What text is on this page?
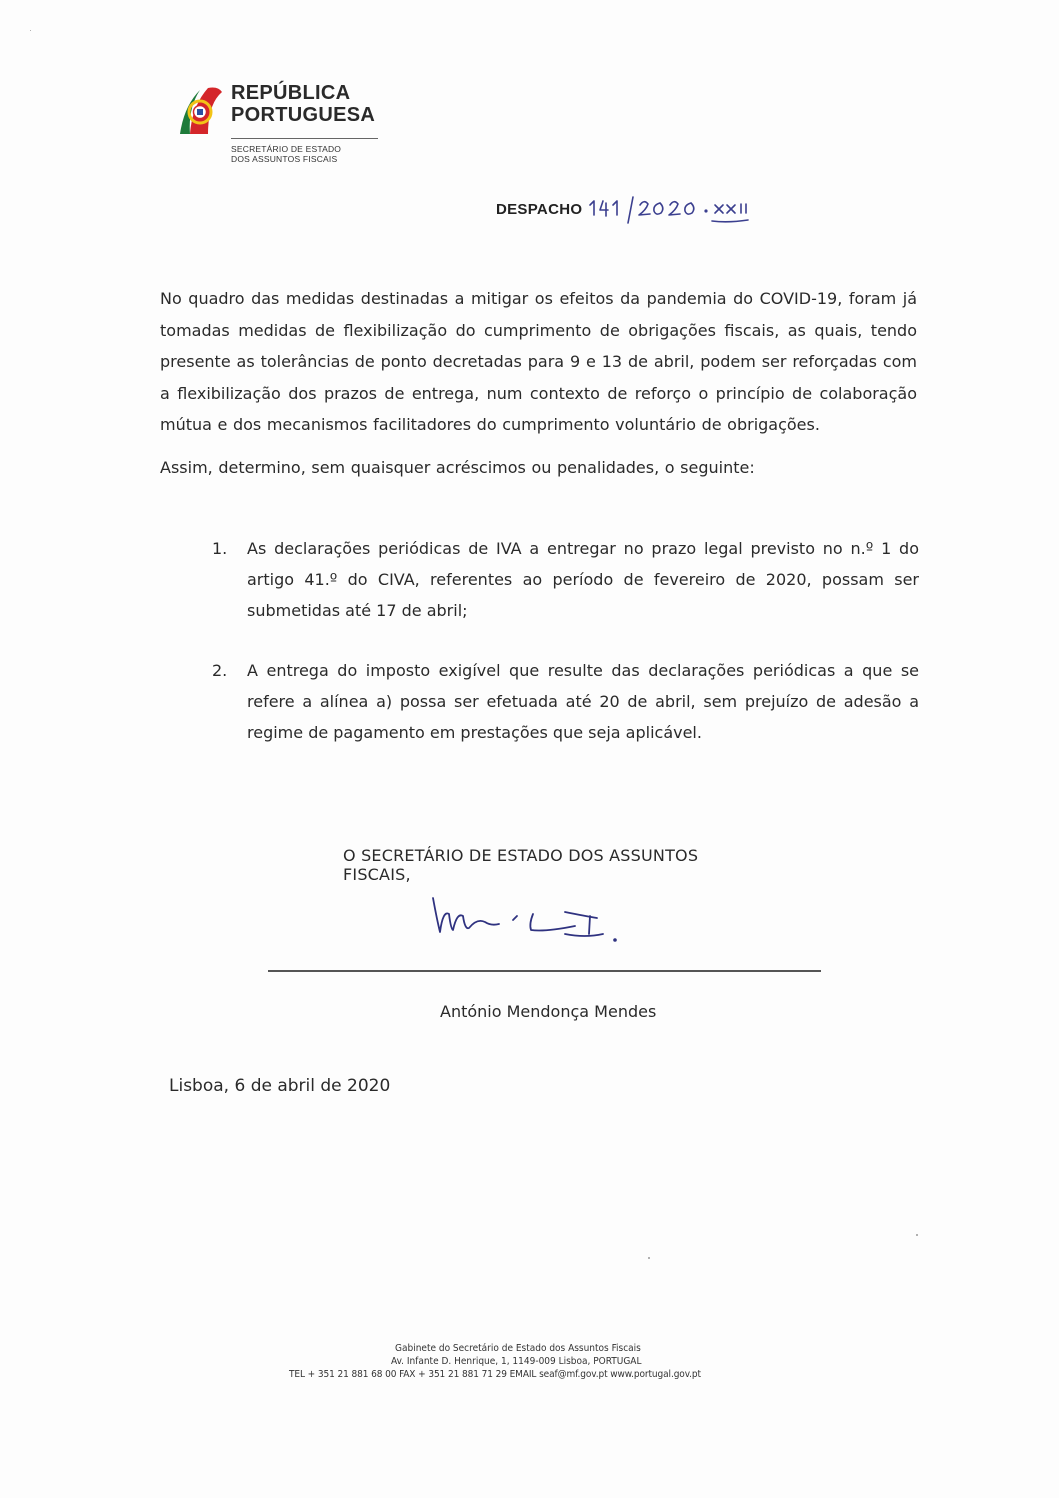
REPÚBLICA
PORTUGUESA
SECRETÁRIO DE ESTADO
DOS ASSUNTOS FISCAIS
DESPACHO
No quadro das medidas destinadas a mitigar os efeitos da pandemia do COVID-19, foram já tomadas medidas de flexibilização do cumprimento de obrigações fiscais, as quais, tendo presente as tolerâncias de ponto decretadas para 9 e 13 de abril, podem ser reforçadas com a flexibilização dos prazos de entrega, num contexto de reforço o princípio de colaboração mútua e dos mecanismos facilitadores do cumprimento voluntário de obrigações.
Assim, determino, sem quaisquer acréscimos ou penalidades, o seguinte:
1.	As declarações periódicas de IVA a entregar no prazo legal previsto no n.º 1 do artigo 41.º do CIVA, referentes ao período de fevereiro de 2020, possam ser submetidas até 17 de abril;
2.	A entrega do imposto exigível que resulte das declarações periódicas a que se refere a alínea a) possa ser efetuada até 20 de abril, sem prejuízo de adesão a regime de pagamento em prestações que seja aplicável.
O SECRETÁRIO DE ESTADO DOS ASSUNTOS FISCAIS,
António Mendonça Mendes
Lisboa, 6 de abril de 2020
Gabinete do Secretário de Estado dos Assuntos Fiscais
Av. Infante D. Henrique, 1, 1149-009 Lisboa, PORTUGAL
TEL + 351 21 881 68 00 FAX + 351 21 881 71 29 EMAIL seaf@mf.gov.pt www.portugal.gov.pt
